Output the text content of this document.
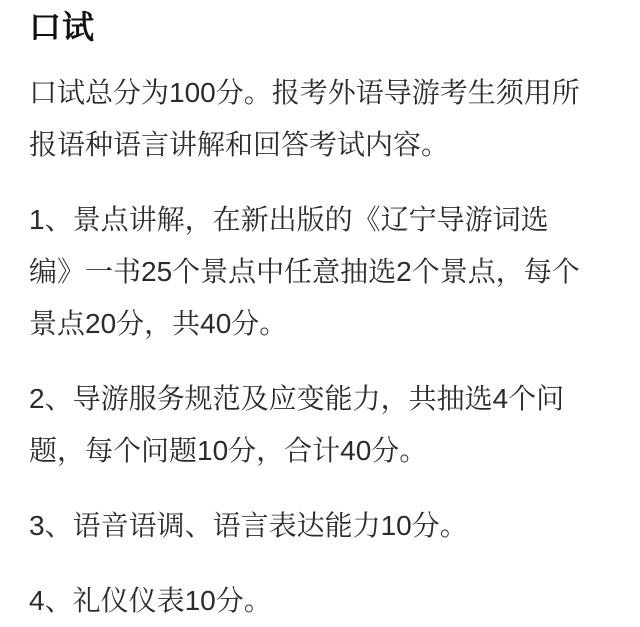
口试

口试总分为100分。报考外语导游考生须用所
报语种语言讲解和回答考试内容。

1、景点讲解，在新出版的《辽宁导游词选
编》一书25个景点中任意抽选2个景点，每个
景点20分，共40分。

2、导游服务规范及应变能力，共抽选4个问
题，每个问题10分，合计40分。

3、语音语调、语言表达能力10分。

4、礼仪仪表10分。
